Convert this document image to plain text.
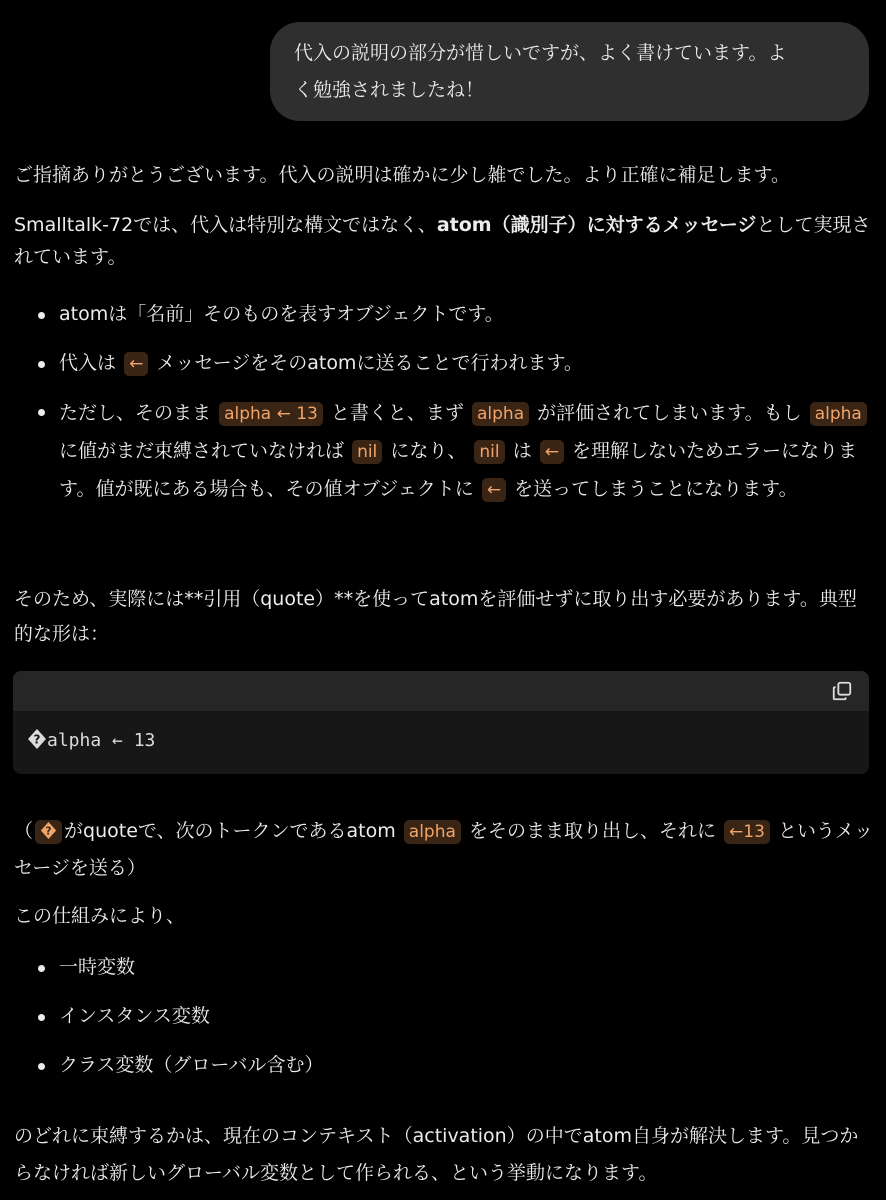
代入の説明の部分が惜しいですが、よく書けています。よ
く勉強されましたね！

ご指摘ありがとうございます。代入の説明は確かに少し雑でした。より正確に補足します。

Smalltalk-72では、代入は特別な構文ではなく、atom（識別子）に対するメッセージとして実現されています。

atomは「名前」そのものを表すオブジェクトです。
代入は ← メッセージをそのatomに送ることで行われます。
ただし、そのまま alpha ← 13 と書くと、まず alpha が評価されてしまいます。もし alpha に値がまだ束縛されていなければ nil になり、 nil は ← を理解しないためエラーになります。値が既にある場合も、その値オブジェクトに ← を送ってしまうことになります。

そのため、実際には**引用（quote）**を使ってatomを評価せずに取り出す必要があります。典型的な形は：

? alpha ← 13

（ ? がquoteで、次のトークンであるatom alpha をそのまま取り出し、それに ←13 というメッセージを送る）

この仕組みにより、

一時変数
インスタンス変数
クラス変数（グローバル含む）

のどれに束縛するかは、現在のコンテキスト（activation）の中でatom自身が解決します。見つからなければ新しいグローバル変数として作られる、という挙動になります。
